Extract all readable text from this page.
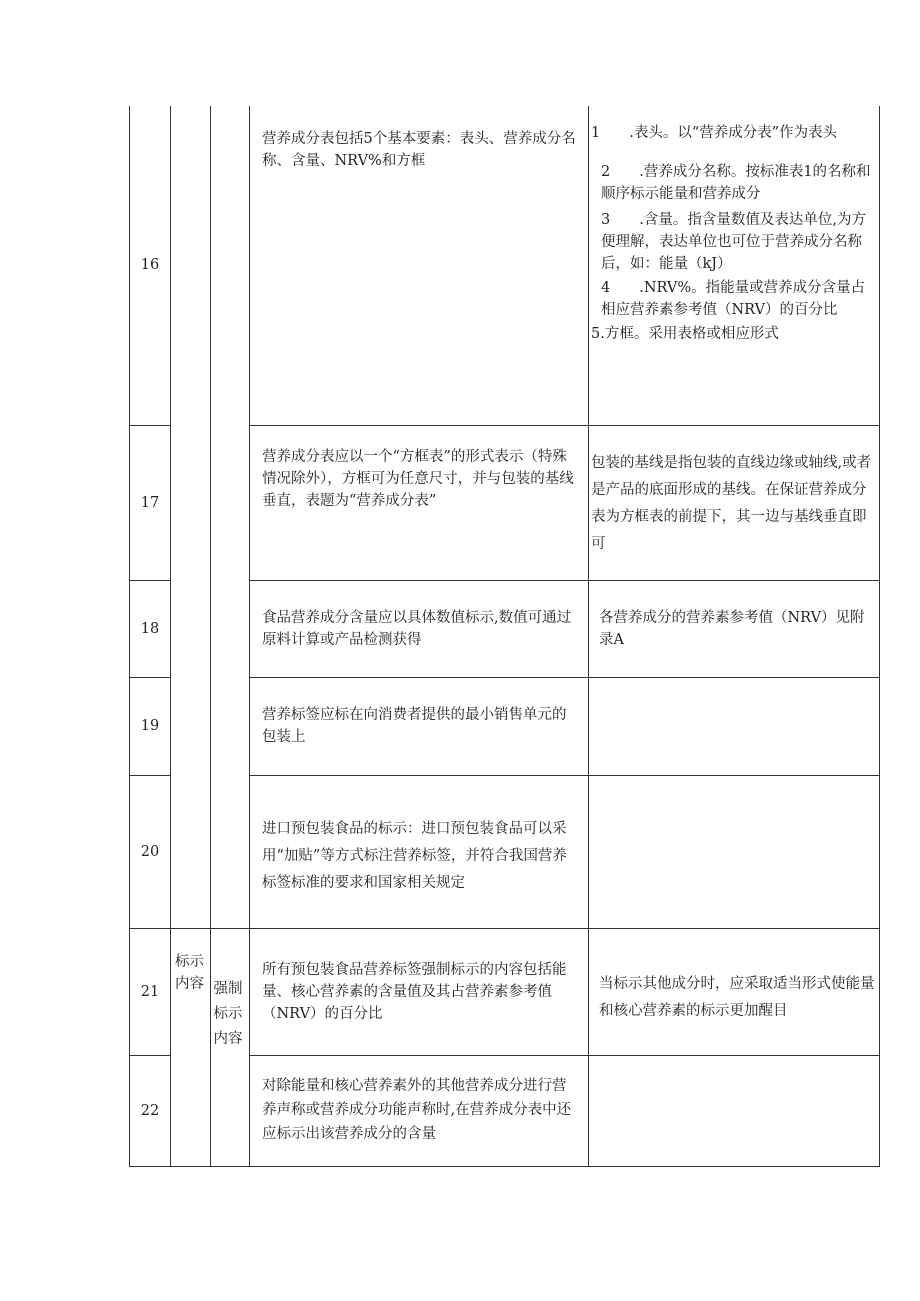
16			营养成分表包括5个基本要素：表头、营养成分名称、含量、NRV%和方框	1　　.表头。以“营养成分表”作为表头
2　　.营养成分名称。按标准表1的名称和顺序标示能量和营养成分
3　　.含量。指含量数值及表达单位,为方便理解，表达单位也可位于营养成分名称后，如：能量（kJ）
4　　.NRV%。指能量或营养成分含量占相应营养素参考值（NRV）的百分比
5.方框。采用表格或相应形式

17			营养成分表应以一个“方框表”的形式表示（特殊情况除外），方框可为任意尺寸，并与包装的基线垂直，表题为“营养成分表”	包装的基线是指包装的直线边缘或轴线,或者是产品的底面形成的基线。在保证营养成分表为方框表的前提下，其一边与基线垂直即可
18			食品营养成分含量应以具体数值标示,数值可通过原料计算或产品检测获得	各营养成分的营养素参考值（NRV）见附录A
19			营养标签应标在向消费者提供的最小销售单元的包装上	
20			进口预包装食品的标示：进口预包装食品可以采用“加贴”等方式标注营养标签，并符合我国营养标签标准的要求和国家相关规定	
21	标示内容	强制标示内容	所有预包装食品营养标签强制标示的内容包括能量、核心营养素的含量值及其占营养素参考值（NRV）的百分比	当标示其他成分时，应采取适当形式使能量和核心营养素的标示更加醒目
22			对除能量和核心营养素外的其他营养成分进行营养声称或营养成分功能声称时,在营养成分表中还应标示出该营养成分的含量	
